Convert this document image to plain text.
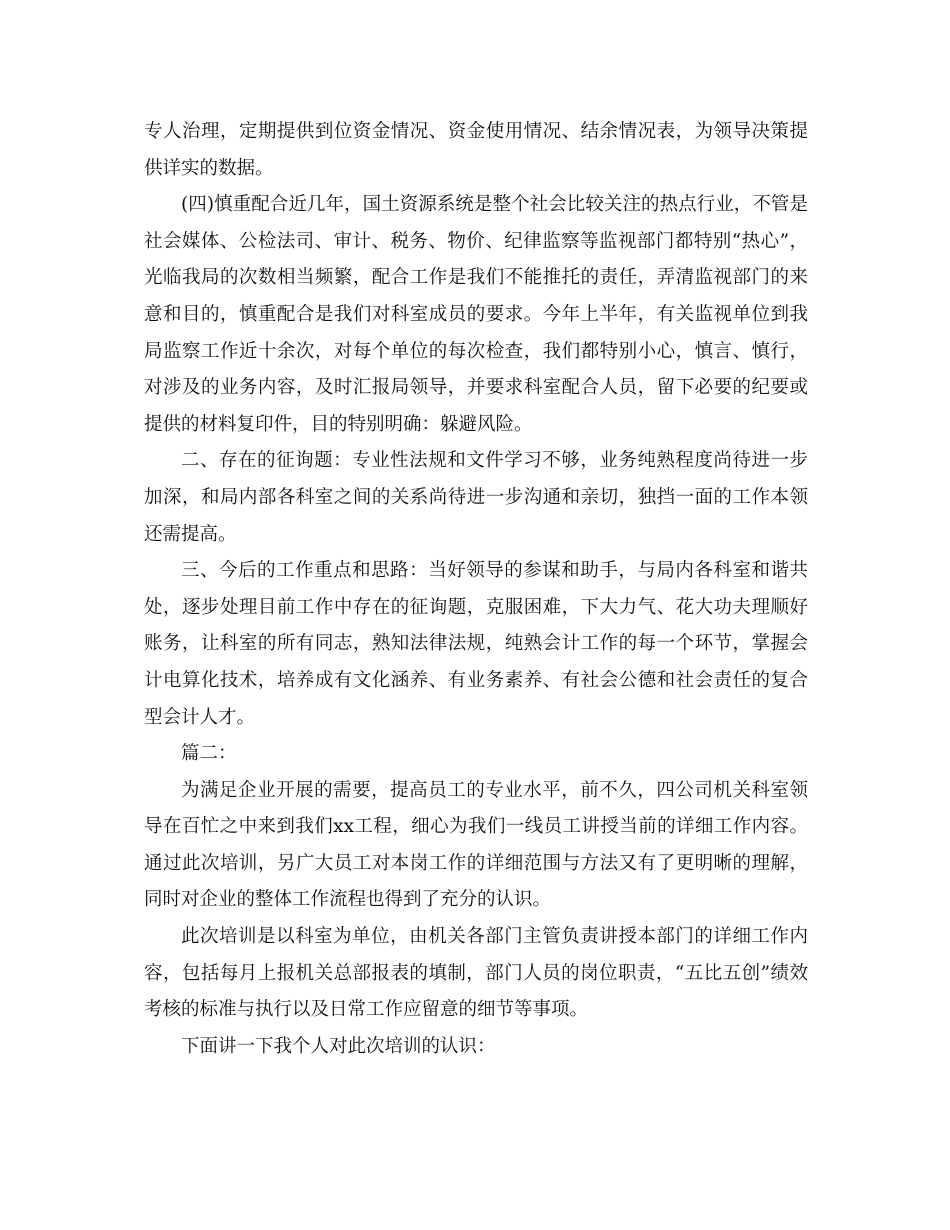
专人治理，定期提供到位资金情况、资金使用情况、结余情况表，为领导决策提供详实的数据。

(四)慎重配合近几年，国土资源系统是整个社会比较关注的热点行业，不管是社会媒体、公检法司、审计、税务、物价、纪律监察等监视部门都特别“热心”，光临我局的次数相当频繁，配合工作是我们不能推托的责任，弄清监视部门的来意和目的，慎重配合是我们对科室成员的要求。今年上半年，有关监视单位到我局监察工作近十余次，对每个单位的每次检查，我们都特别小心，慎言、慎行，对涉及的业务内容，及时汇报局领导，并要求科室配合人员，留下必要的纪要或提供的材料复印件，目的特别明确：躲避风险。

二、存在的征询题：专业性法规和文件学习不够，业务纯熟程度尚待进一步加深，和局内部各科室之间的关系尚待进一步沟通和亲切，独挡一面的工作本领还需提高。

三、今后的工作重点和思路：当好领导的参谋和助手，与局内各科室和谐共处，逐步处理目前工作中存在的征询题，克服困难，下大力气、花大功夫理顺好账务，让科室的所有同志，熟知法律法规，纯熟会计工作的每一个环节，掌握会计电算化技术，培养成有文化涵养、有业务素养、有社会公德和社会责任的复合型会计人才。

篇二：

为满足企业开展的需要，提高员工的专业水平，前不久，四公司机关科室领导在百忙之中来到我们xx工程，细心为我们一线员工讲授当前的详细工作内容。通过此次培训，另广大员工对本岗工作的详细范围与方法又有了更明晰的理解，同时对企业的整体工作流程也得到了充分的认识。

此次培训是以科室为单位，由机关各部门主管负责讲授本部门的详细工作内容，包括每月上报机关总部报表的填制，部门人员的岗位职责，“五比五创”绩效考核的标准与执行以及日常工作应留意的细节等事项。

下面讲一下我个人对此次培训的认识：
